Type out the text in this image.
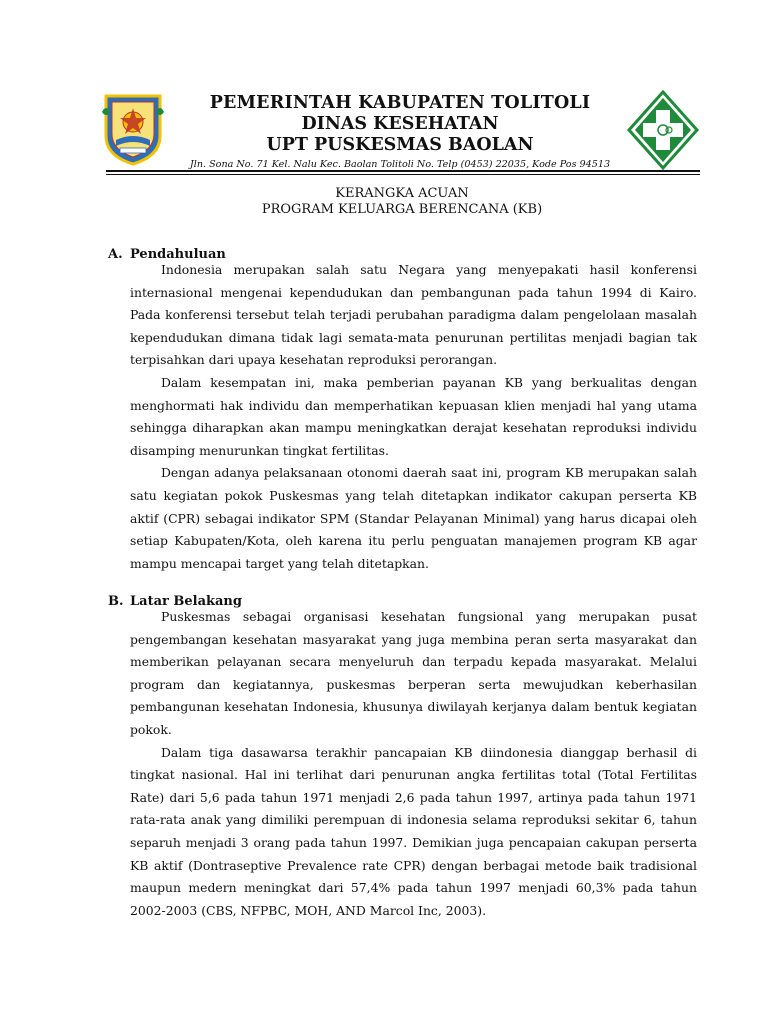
PEMERINTAH KABUPATEN TOLITOLI
DINAS KESEHATAN
UPT PUSKESMAS BAOLAN
Jln. Sona No. 71 Kel. Nalu Kec. Baolan Tolitoli No. Telp (0453) 22035, Kode Pos 94513
KERANGKA ACUAN
PROGRAM KELUARGA BERENCANA (KB)
A. Pendahuluan

Indonesia merupakan salah satu Negara yang menyepakati hasil konferensi internasional mengenai kependudukan dan pembangunan pada tahun 1994 di Kairo. Pada konferensi tersebut telah terjadi perubahan paradigma dalam pengelolaan masalah kependudukan dimana tidak lagi semata-mata penurunan pertilitas menjadi bagian tak terpisahkan dari upaya kesehatan reproduksi perorangan.

Dalam kesempatan ini, maka pemberian payanan KB yang berkualitas dengan menghormati hak individu dan memperhatikan kepuasan klien menjadi hal yang utama sehingga diharapkan akan mampu meningkatkan derajat kesehatan reproduksi individu disamping menurunkan tingkat fertilitas.

Dengan adanya pelaksanaan otonomi daerah saat ini, program KB merupakan salah satu kegiatan pokok Puskesmas yang telah ditetapkan indikator cakupan perserta KB aktif (CPR) sebagai indikator SPM (Standar Pelayanan Minimal) yang harus dicapai oleh setiap Kabupaten/Kota, oleh karena itu perlu penguatan manajemen program KB agar mampu mencapai target yang telah ditetapkan.

B. Latar Belakang

Puskesmas sebagai organisasi kesehatan fungsional yang merupakan pusat pengembangan kesehatan masyarakat yang juga membina peran serta masyarakat dan memberikan pelayanan secara menyeluruh dan terpadu kepada masyarakat. Melalui program dan kegiatannya, puskesmas berperan serta mewujudkan keberhasilan pembangunan kesehatan Indonesia, khusunya diwilayah kerjanya dalam bentuk kegiatan pokok.

Dalam tiga dasawarsa terakhir pancapaian KB diindonesia dianggap berhasil di tingkat nasional. Hal ini terlihat dari penurunan angka fertilitas total (Total Fertilitas Rate) dari 5,6 pada tahun 1971 menjadi 2,6 pada tahun 1997, artinya pada tahun 1971 rata-rata anak yang dimiliki perempuan di indonesia selama reproduksi sekitar 6, tahun separuh menjadi 3 orang pada tahun 1997. Demikian juga pencapaian cakupan perserta KB aktif (Dontraseptive Prevalence rate CPR) dengan berbagai metode baik tradisional maupun medern meningkat dari 57,4% pada tahun 1997 menjadi 60,3% pada tahun 2002-2003 (CBS, NFPBC, MOH, AND Marcol Inc, 2003).
